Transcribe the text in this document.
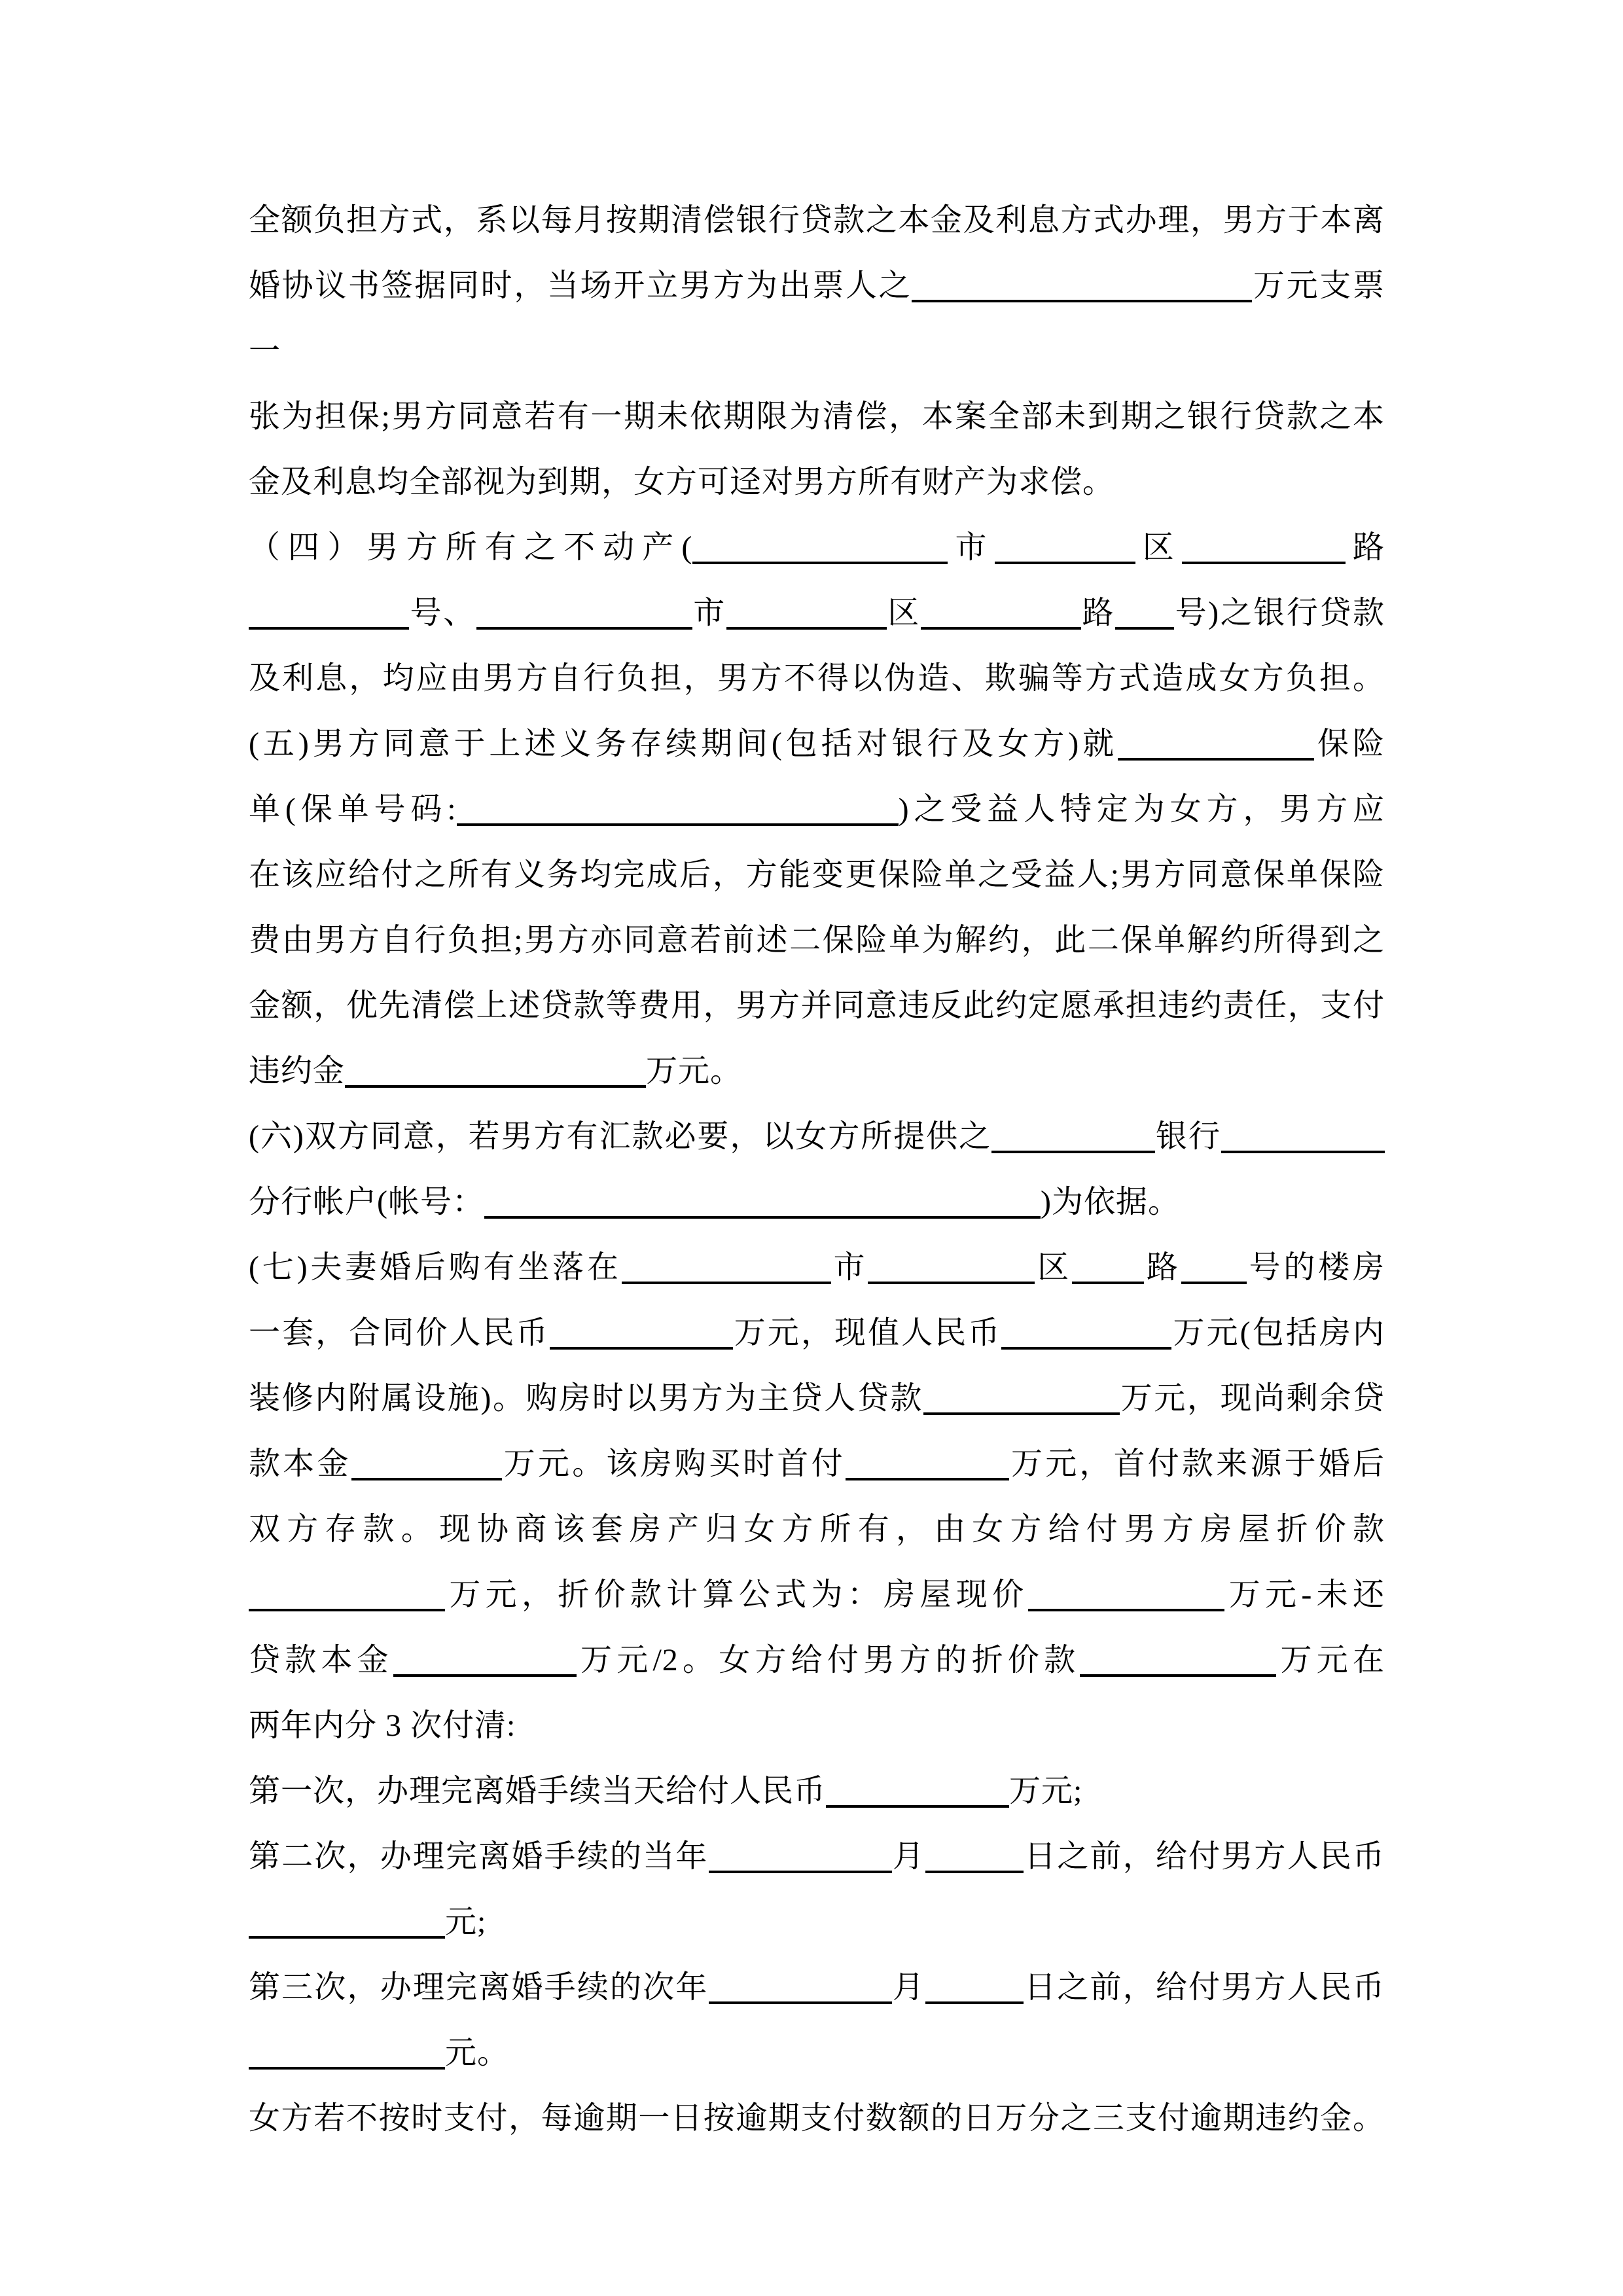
全额负担方式，系以每月按期清偿银行贷款之本金及利息方式办理，男方于本离
婚协议书签据同时，当场开立男方为出票人之	万元支票一
张为担保;男方同意若有一期未依期限为清偿，本案全部未到期之银行贷款之本
金及利息均全部视为到期，女方可迳对男方所有财产为求偿。
（四）男方所有之不动产(	市	区	路
号、	市	区	路 号)之银行贷款
及利息，均应由男方自行负担，男方不得以伪造、欺骗等方式造成女方负担。
(五)男方同意于上述义务存续期间(包括对银行及女方)就	保险
单(保单号码:	)之受益人特定为女方，男方应
在该应给付之所有义务均完成后，方能变更保险单之受益人;男方同意保单保险
费由男方自行负担;男方亦同意若前述二保险单为解约，此二保单解约所得到之
金额，优先清偿上述贷款等费用，男方并同意违反此约定愿承担违约责任，支付
违约金	万元。
(六)双方同意，若男方有汇款必要，以女方所提供之	银行
分行帐户(帐号：	)为依据。
(七)夫妻婚后购有坐落在	市	区 路 号的楼房
一套，合同价人民币	万元，现值人民币	万元(包括房内
装修内附属设施)。购房时以男方为主贷人贷款	万元，现尚剩余贷
款本金	万元。该房购买时首付	万元，首付款来源于婚后
双方存款。现协商该套房产归女方所有，由女方给付男方房屋折价款
万元，折价款计算公式为：房屋现价	万元-未还
贷款本金	万元/2。女方给付男方的折价款	万元在
两年内分 3 次付清:
第一次，办理完离婚手续当天给付人民币	万元;
第二次，办理完离婚手续的当年	月	日之前，给付男方人民币
元;
第三次，办理完离婚手续的次年	月	日之前，给付男方人民币
元。
女方若不按时支付，每逾期一日按逾期支付数额的日万分之三支付逾期违约金。
